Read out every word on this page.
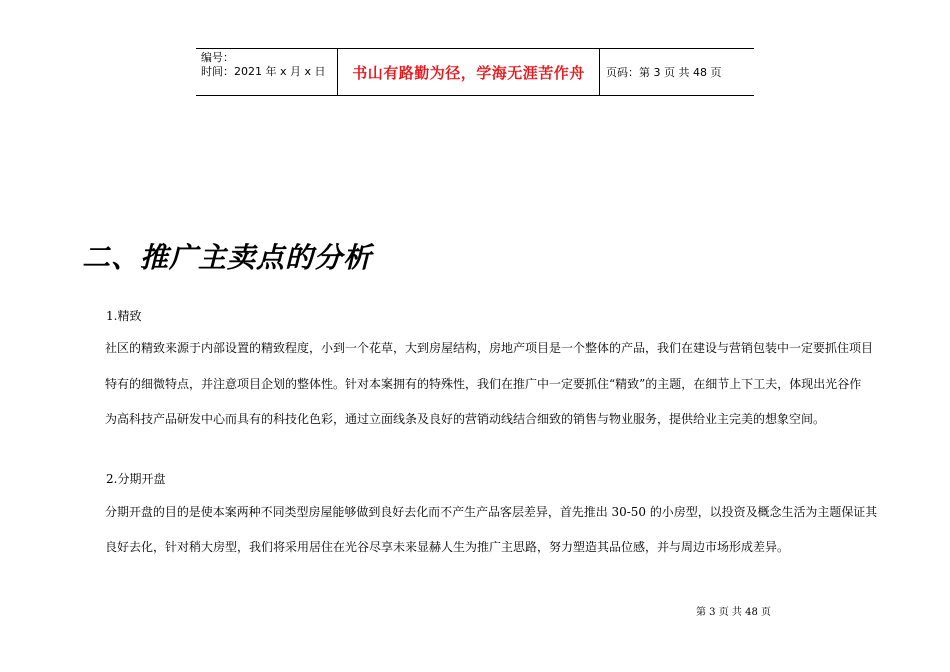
编号：
时间：2021 年 x 月 x 日	书山有路勤为径，学海无涯苦作舟	页码：第 3 页 共 48 页
二、推广主卖点的分析
1.精致
社区的精致来源于内部设置的精致程度，小到一个花草，大到房屋结构，房地产项目是一个整体的产品，我们在建设与营销包装中一定要抓住项目
特有的细微特点，并注意项目企划的整体性。针对本案拥有的特殊性，我们在推广中一定要抓住“精致”的主题，在细节上下工夫，体现出光谷作
为高科技产品研发中心而具有的科技化色彩，通过立面线条及良好的营销动线结合细致的销售与物业服务，提供给业主完美的想象空间。
2.分期开盘
分期开盘的目的是使本案两种不同类型房屋能够做到良好去化而不产生产品客层差异，首先推出 30-50 的小房型，以投资及概念生活为主题保证其
良好去化，针对稍大房型，我们将采用居住在光谷尽享未来显赫人生为推广主思路，努力塑造其品位感，并与周边市场形成差异。
第 3 页 共 48 页
